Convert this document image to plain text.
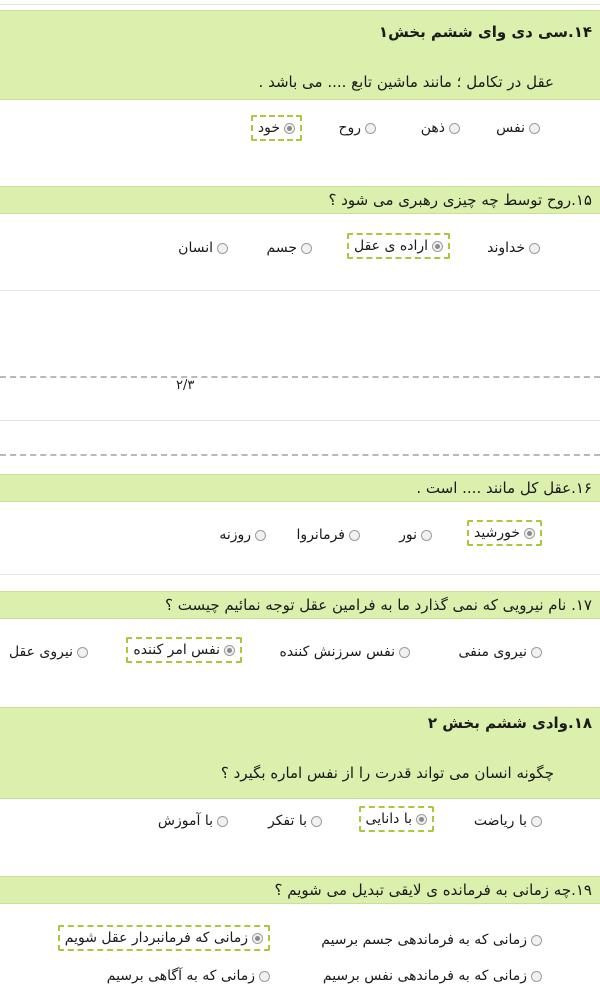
۱۴.سی دی وای ششم بخش۱
عقل در تکامل ؛ مانند ماشین تابع .... می باشد .
نفس
ذهن
روح
خود
۱۵.روح توسط چه چیزی رهبری می شود ؟
خداوند
اراده ی عقل
جسم
انسان
۲/۳
۱۶.عقل کل مانند .... است .
خورشید
نور
فرمانروا
روزنه
۱۷. نام نیرویی که نمی گذارد ما به فرامین عقل توجه نمائیم چیست ؟
نیروی منفی
نفس سرزنش کننده
نفس امر کننده
نیروی عقل
۱۸.وادی ششم بخش ۲
چگونه انسان می تواند قدرت را از نفس اماره بگیرد ؟
با ریاضت
با دانایی
با تفکر
با آموزش
۱۹.چه زمانی به فرمانده ی لایقی تبدیل می شویم ؟
زمانی که به فرماندهی جسم برسیم
زمانی که فرمانبردار عقل شویم
زمانی که به فرماندهی نفس برسیم
زمانی که به آگاهی برسیم
